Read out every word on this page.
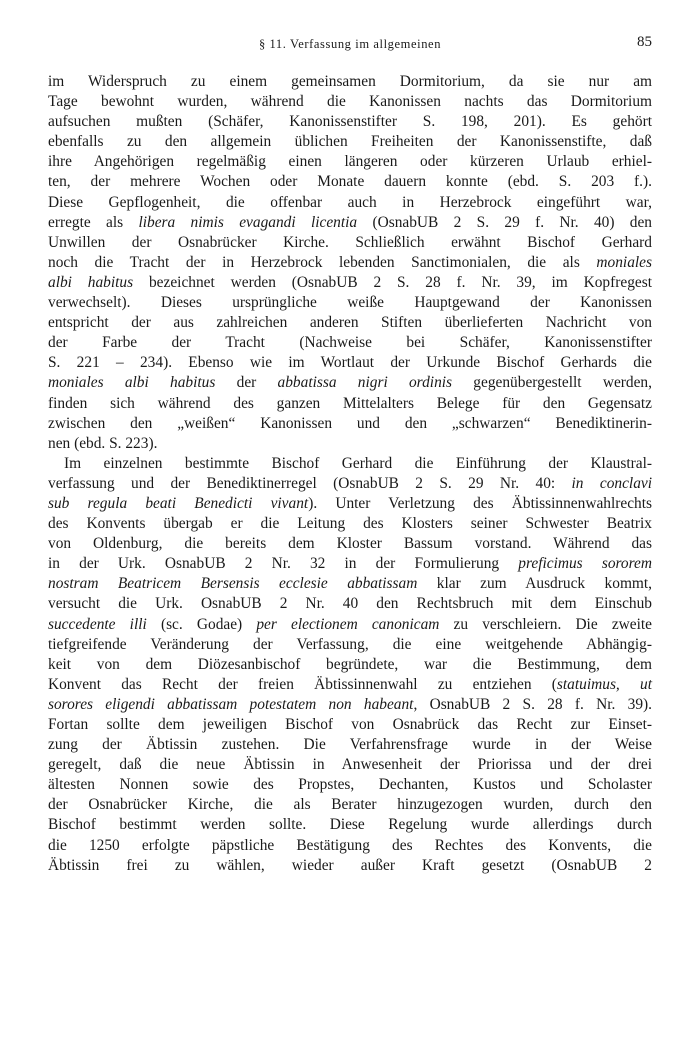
§ 11. Verfassung im allgemeinen	85
im Widerspruch zu einem gemeinsamen Dormitorium, da sie nur am
Tage bewohnt wurden, während die Kanonissen nachts das Dormitorium
aufsuchen mußten (Schäfer, Kanonissenstifter S. 198, 201). Es gehört
ebenfalls zu den allgemein üblichen Freiheiten der Kanonissenstifte, daß
ihre Angehörigen regelmäßig einen längeren oder kürzeren Urlaub erhiel-
ten, der mehrere Wochen oder Monate dauern konnte (ebd. S. 203 f.).
Diese Gepflogenheit, die offenbar auch in Herzebrock eingeführt war,
erregte als libera nimis evagandi licentia (OsnabUB 2 S. 29 f. Nr. 40) den
Unwillen der Osnabrücker Kirche. Schließlich erwähnt Bischof Gerhard
noch die Tracht der in Herzebrock lebenden Sanctimonialen, die als moniales
albi habitus bezeichnet werden (OsnabUB 2 S. 28 f. Nr. 39, im Kopfregest
verwechselt). Dieses ursprüngliche weiße Hauptgewand der Kanonissen
entspricht der aus zahlreichen anderen Stiften überlieferten Nachricht von
der Farbe der Tracht (Nachweise bei Schäfer, Kanonissenstifter
S. 221 – 234). Ebenso wie im Wortlaut der Urkunde Bischof Gerhards die
moniales albi habitus der abbatissa nigri ordinis gegenübergestellt werden,
finden sich während des ganzen Mittelalters Belege für den Gegensatz
zwischen den „weißen“ Kanonissen und den „schwarzen“ Benediktinerin-
nen (ebd. S. 223).
Im einzelnen bestimmte Bischof Gerhard die Einführung der Klaustral-
verfassung und der Benediktinerregel (OsnabUB 2 S. 29 Nr. 40: in conclavi
sub regula beati Benedicti vivant). Unter Verletzung des Äbtissinnenwahlrechts
des Konvents übergab er die Leitung des Klosters seiner Schwester Beatrix
von Oldenburg, die bereits dem Kloster Bassum vorstand. Während das
in der Urk. OsnabUB 2 Nr. 32 in der Formulierung preficimus sororem
nostram Beatricem Bersensis ecclesie abbatissam klar zum Ausdruck kommt,
versucht die Urk. OsnabUB 2 Nr. 40 den Rechtsbruch mit dem Einschub
succedente illi (sc. Godae) per electionem canonicam zu verschleiern. Die zweite
tiefgreifende Veränderung der Verfassung, die eine weitgehende Abhängig-
keit von dem Diözesanbischof begründete, war die Bestimmung, dem
Konvent das Recht der freien Äbtissinnenwahl zu entziehen (statuimus, ut
sorores eligendi abbatissam potestatem non habeant, OsnabUB 2 S. 28 f. Nr. 39).
Fortan sollte dem jeweiligen Bischof von Osnabrück das Recht zur Einset-
zung der Äbtissin zustehen. Die Verfahrensfrage wurde in der Weise
geregelt, daß die neue Äbtissin in Anwesenheit der Priorissa und der drei
ältesten Nonnen sowie des Propstes, Dechanten, Kustos und Scholaster
der Osnabrücker Kirche, die als Berater hinzugezogen wurden, durch den
Bischof bestimmt werden sollte. Diese Regelung wurde allerdings durch
die 1250 erfolgte päpstliche Bestätigung des Rechtes des Konvents, die
Äbtissin frei zu wählen, wieder außer Kraft gesetzt (OsnabUB 2
